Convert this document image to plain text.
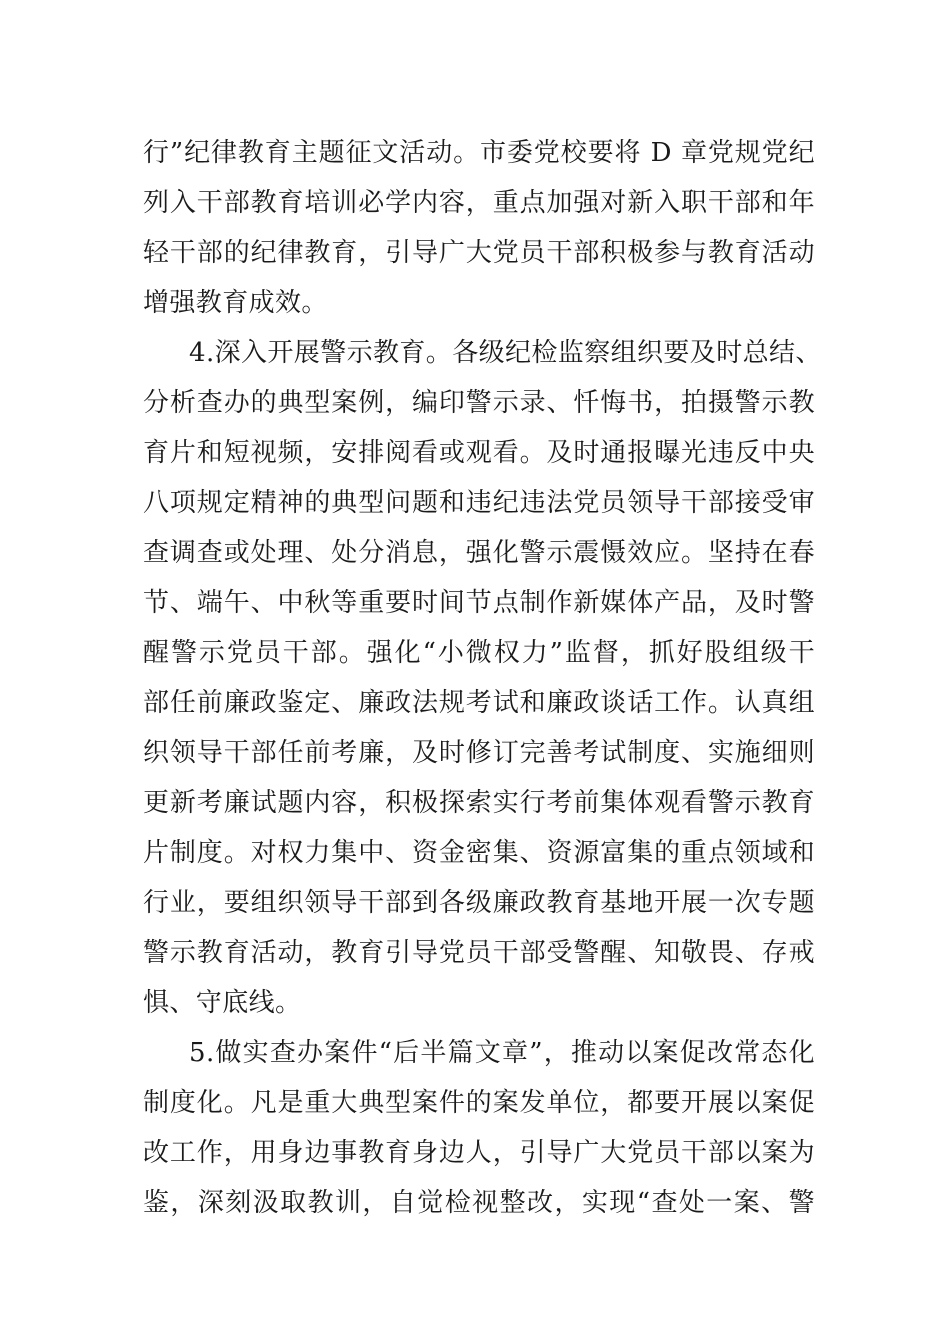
行”纪律教育主题征文活动。市委党校要将 D 章党规党纪
列入干部教育培训必学内容，重点加强对新入职干部和年
轻干部的纪律教育，引导广大党员干部积极参与教育活动
增强教育成效。
4.深入开展警示教育。各级纪检监察组织要及时总结、
分析查办的典型案例，编印警示录、忏悔书，拍摄警示教
育片和短视频，安排阅看或观看。及时通报曝光违反中央
八项规定精神的典型问题和违纪违法党员领导干部接受审
查调查或处理、处分消息，强化警示震慑效应。坚持在春
节、端午、中秋等重要时间节点制作新媒体产品，及时警
醒警示党员干部。强化“小微权力”监督，抓好股组级干
部任前廉政鉴定、廉政法规考试和廉政谈话工作。认真组
织领导干部任前考廉，及时修订完善考试制度、实施细则
更新考廉试题内容，积极探索实行考前集体观看警示教育
片制度。对权力集中、资金密集、资源富集的重点领域和
行业，要组织领导干部到各级廉政教育基地开展一次专题
警示教育活动，教育引导党员干部受警醒、知敬畏、存戒
惧、守底线。
5.做实查办案件“后半篇文章”，推动以案促改常态化
制度化。凡是重大典型案件的案发单位，都要开展以案促
改工作，用身边事教育身边人，引导广大党员干部以案为
鉴，深刻汲取教训，自觉检视整改，实现“查处一案、警
